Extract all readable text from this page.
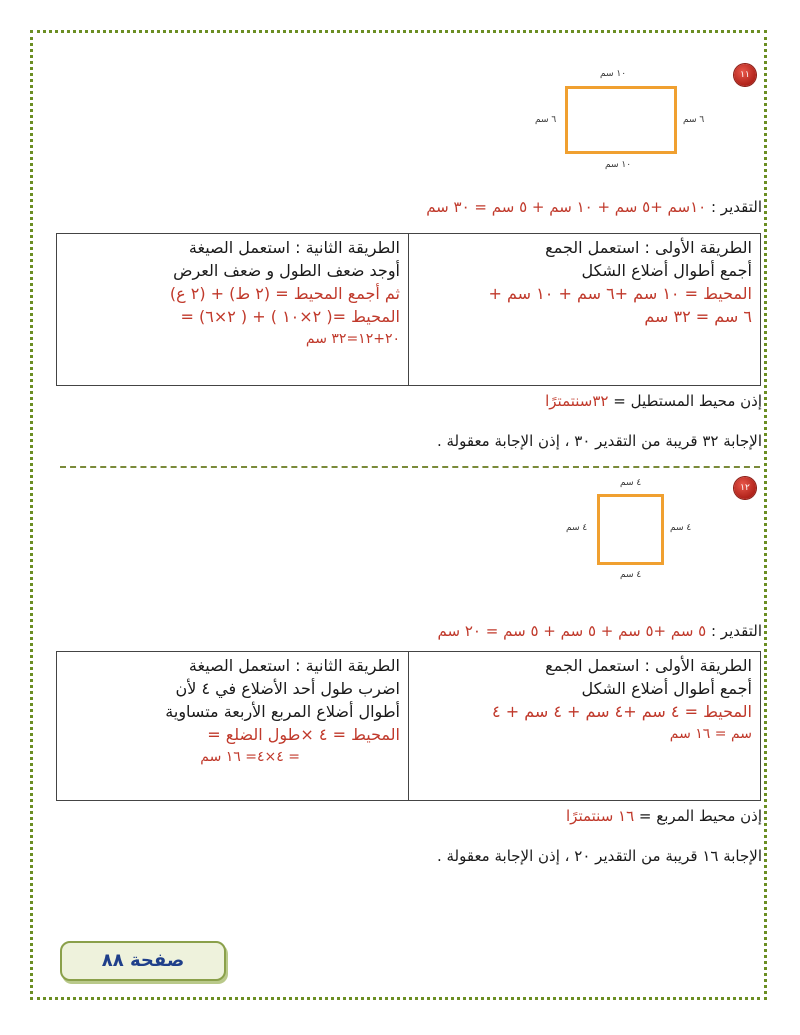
١١
١٠ سم
٦ سم
٦ سم
١٠ سم
التقدير : ١٠سم +٥ سم + ١٠ سم + ٥ سم = ٣٠ سم
الطريقة الأولى : استعمل الجمع
أجمع أطوال أضلاع الشكل
المحيط = ١٠ سم +٦ سم + ١٠ سم +
٦ سم = ٣٢ سم
الطريقة الثانية : استعمل الصيغة
أوجد ضعف الطول و ضعف العرض
ثم أجمع المحيط = (٢ ط) + (٢ ع)
المحيط =( ٢×١٠ ) + ( ٢×٦) =
٢٠+١٢=٣٢ سم
إذن محيط المستطيل = ٣٢سنتمترًا
الإجابة ٣٢ قريبة من التقدير ٣٠ ، إذن الإجابة معقولة .
١٢
٤ سم
٤ سم
٤ سم
٤ سم
التقدير : ٥ سم +٥ سم + ٥ سم + ٥ سم = ٢٠ سم
الطريقة الأولى : استعمل الجمع
أجمع أطوال أضلاع الشكل
المحيط = ٤ سم +٤ سم + ٤ سم + ٤
سم = ١٦ سم
الطريقة الثانية : استعمل الصيغة
اضرب طول أحد الأضلاع في ٤ لأن
أطوال أضلاع المربع الأربعة متساوية
المحيط = ٤ ×طول الضلع =
= ٤×٤= ١٦ سم
إذن محيط المربع = ١٦ سنتمترًا
الإجابة ١٦ قريبة من التقدير ٢٠ ، إذن الإجابة معقولة .
صفحة ٨٨
